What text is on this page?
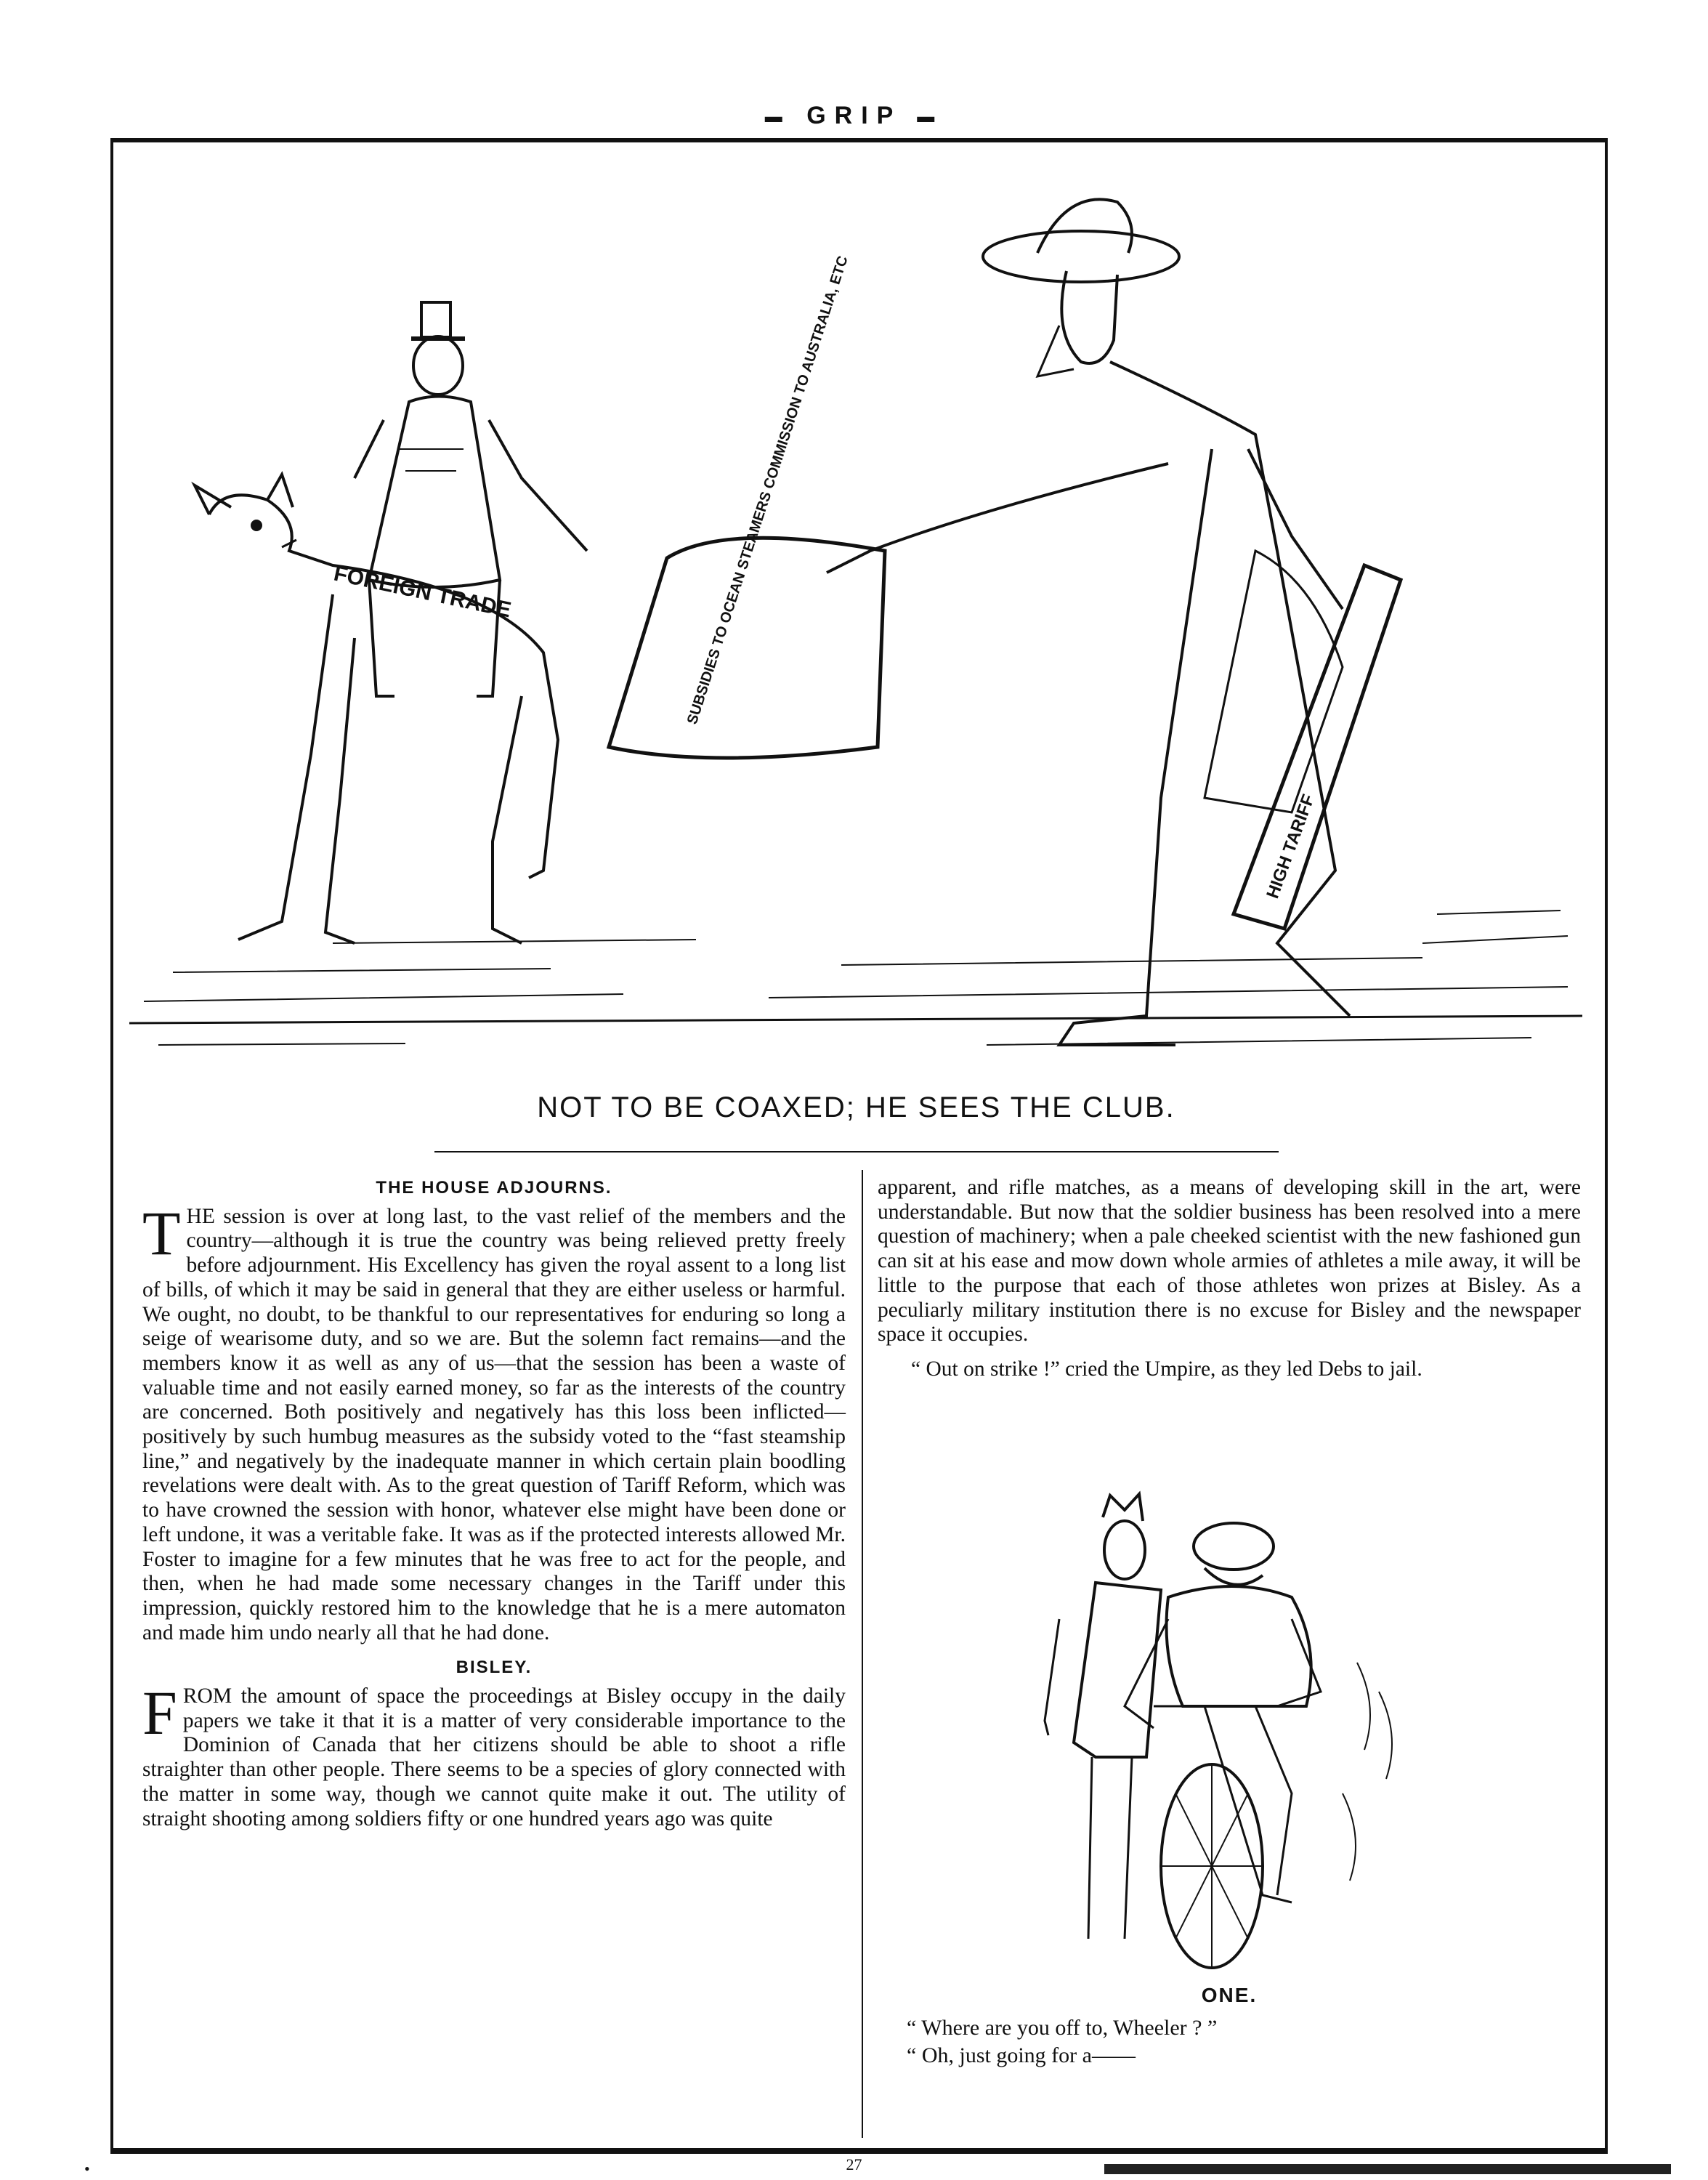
▬ GRIP ▬
FOREIGN TRADE	SUBSIDIES TO OCEAN STEAMERS COMMISSION TO AUSTRALIA, ETC
HIGH TARIFF
NOT TO BE COAXED; HE SEES THE CLUB.
THE HOUSE ADJOURNS.

THE session is over at long last, to the vast relief of the members and the country—although it is true the country was being relieved pretty freely before adjournment. His Excellency has given the royal assent to a long list of bills, of which it may be said in general that they are either useless or harmful. We ought, no doubt, to be thankful to our representatives for enduring so long a seige of wearisome duty, and so we are. But the solemn fact remains—and the members know it as well as any of us—that the session has been a waste of valuable time and not easily earned money, so far as the interests of the country are concerned. Both positively and negatively has this loss been inflicted—positively by such humbug measures as the subsidy voted to the “fast steamship line,” and negatively by the inadequate manner in which certain plain boodling revelations were dealt with. As to the great question of Tariff Reform, which was to have crowned the session with honor, whatever else might have been done or left undone, it was a veritable fake. It was as if the protected interests allowed Mr. Foster to imagine for a few minutes that he was free to act for the people, and then, when he had made some necessary changes in the Tariff under this impression, quickly restored him to the knowledge that he is a mere automaton and made him undo nearly all that he had done.

BISLEY.

FROM the amount of space the proceedings at Bisley occupy in the daily papers we take it that it is a matter of very considerable importance to the Dominion of Canada that her citizens should be able to shoot a rifle straighter than other people. There seems to be a species of glory connected with the matter in some way, though we cannot quite make it out. The utility of straight shooting among soldiers fifty or one hundred years ago was quite

apparent, and rifle matches, as a means of developing skill in the art, were understandable. But now that the soldier business has been resolved into a mere question of machinery; when a pale cheeked scientist with the new fashioned gun can sit at his ease and mow down whole armies of athletes a mile away, it will be little to the purpose that each of those athletes won prizes at Bisley. As a peculiarly military institution there is no excuse for Bisley and the newspaper space it occupies.

“ Out on strike !” cried the Umpire, as they led Debs to jail.

ONE.
“ Where are you off to, Wheeler ? ”
“ Oh, just going for a——
•	27
